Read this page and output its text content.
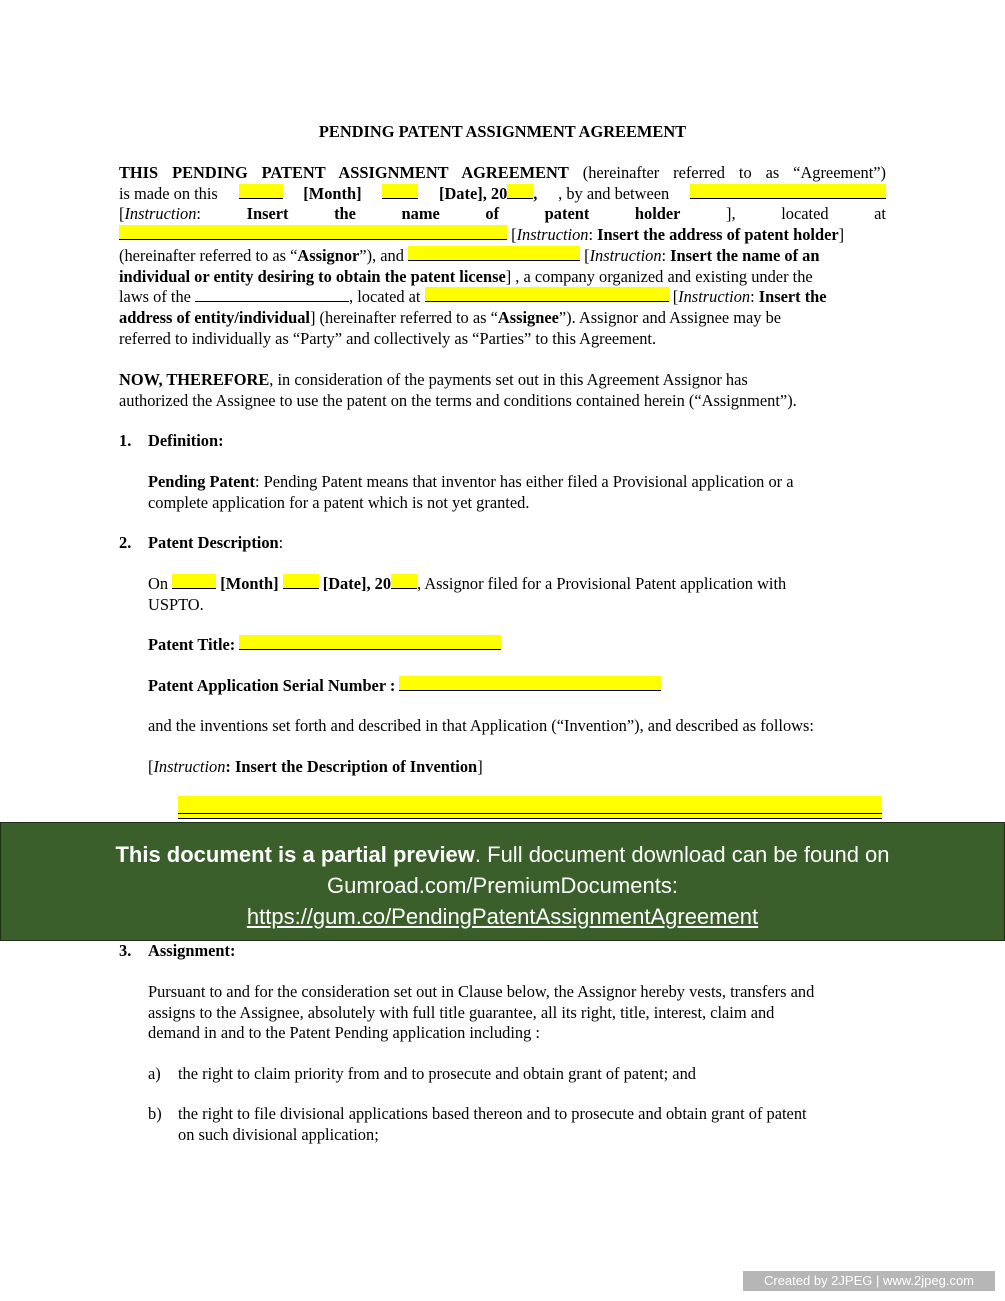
PENDING PATENT ASSIGNMENT AGREEMENT
THIS PENDING PATENT ASSIGNMENT AGREEMENT (hereinafter referred to as “Agreement”)
is made on this	[Month]	[Date], 20 , , by and between
[Instruction:	Insert	the	name	of	patent	holder	],	located	at
[Instruction: Insert the address of patent holder]
(hereinafter referred to as “Assignor”), and	[Instruction: Insert the name of an
individual or entity desiring to obtain the patent license] , a company organized and existing under the
laws of the	, located at	[Instruction: Insert the
address of entity/individual] (hereinafter referred to as “Assignee”). Assignor and Assignee may be
referred to individually as “Party” and collectively as “Parties” to this Agreement.
NOW, THEREFORE, in consideration of the payments set out in this Agreement Assignor has
authorized the Assignee to use the patent on the terms and conditions contained herein (“Assignment”).
1. Definition:
Pending Patent: Pending Patent means that inventor has either filed a Provisional application or a
complete application for a patent which is not yet granted.
2. Patent Description:
On	[Month]	[Date], 20 , Assignor filed for a Provisional Patent application with
USPTO.
Patent Title:
Patent Application Serial Number :
and the inventions set forth and described in that Application (“Invention”), and described as follows:
[Instruction: Insert the Description of Invention]
This document is a partial preview. Full document download can be found on
Gumroad.com/PremiumDocuments:
https://gum.co/PendingPatentAssignmentAgreement
3. Assignment:
Pursuant to and for the consideration set out in Clause below, the Assignor hereby vests, transfers and
assigns to the Assignee, absolutely with full title guarantee, all its right, title, interest, claim and
demand in and to the Patent Pending application including :
a) the right to claim priority from and to prosecute and obtain grant of patent; and
b) the right to file divisional applications based thereon and to prosecute and obtain grant of patent
on such divisional application;
Created by 2JPEG | www.2jpeg.com
